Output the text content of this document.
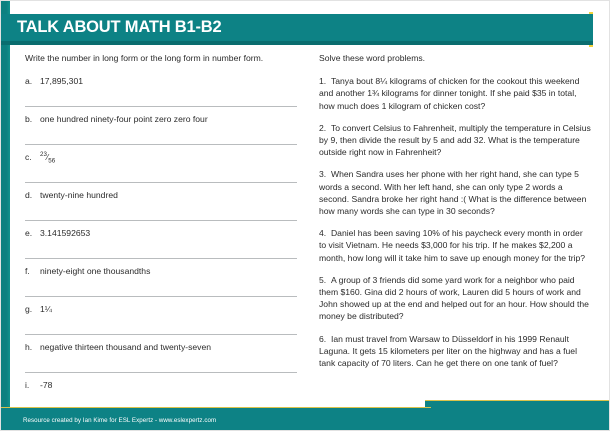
TALK ABOUT MATH B1-B2

Write the number in long form or the long form in number form.

a. 17,895,301
b. one hundred ninety-four point zero zero four
c.	$^{23}⁄_{56}$
d. twenty-nine hundred
e. 3.141592653
f.	ninety-eight one thousandths
g. 1¼
h. negative thirteen thousand and twenty-seven
i.	-78

Solve these word problems.

1. Tanya bout 8¼ kilograms of chicken for the cookout this weekend and another 1¾ kilograms for dinner tonight. If she paid $35 in total, how much does 1 kilogram of chicken cost?

2. To convert Celsius to Fahrenheit, multiply the temperature in Celsius by 9, then divide the result by 5 and add 32. What is the temperature outside right now in Fahrenheit?

3. When Sandra uses her phone with her right hand, she can type 5 words a second. With her left hand, she can only type 2 words a second. Sandra broke her right hand :( What is the difference between how many words she can type in 30 seconds?

4. Daniel has been saving 10% of his paycheck every month in order to visit Vietnam. He needs $3,000 for his trip. If he makes $2,200 a month, how long will it take him to save up enough money for the trip?

5. A group of 3 friends did some yard work for a neighbor who paid them $160. Gina did 2 hours of work, Lauren did 5 hours of work and John showed up at the end and helped out for an hour. How should the money be distributed?

6. Ian must travel from Warsaw to Düsseldorf in his 1999 Renault Laguna. It gets 15 kilometers per liter on the highway and has a fuel tank capacity of 70 liters. Can he get there on one tank of fuel?

Resource created by Ian Kime for ESL Expertz - www.eslexpertz.com
